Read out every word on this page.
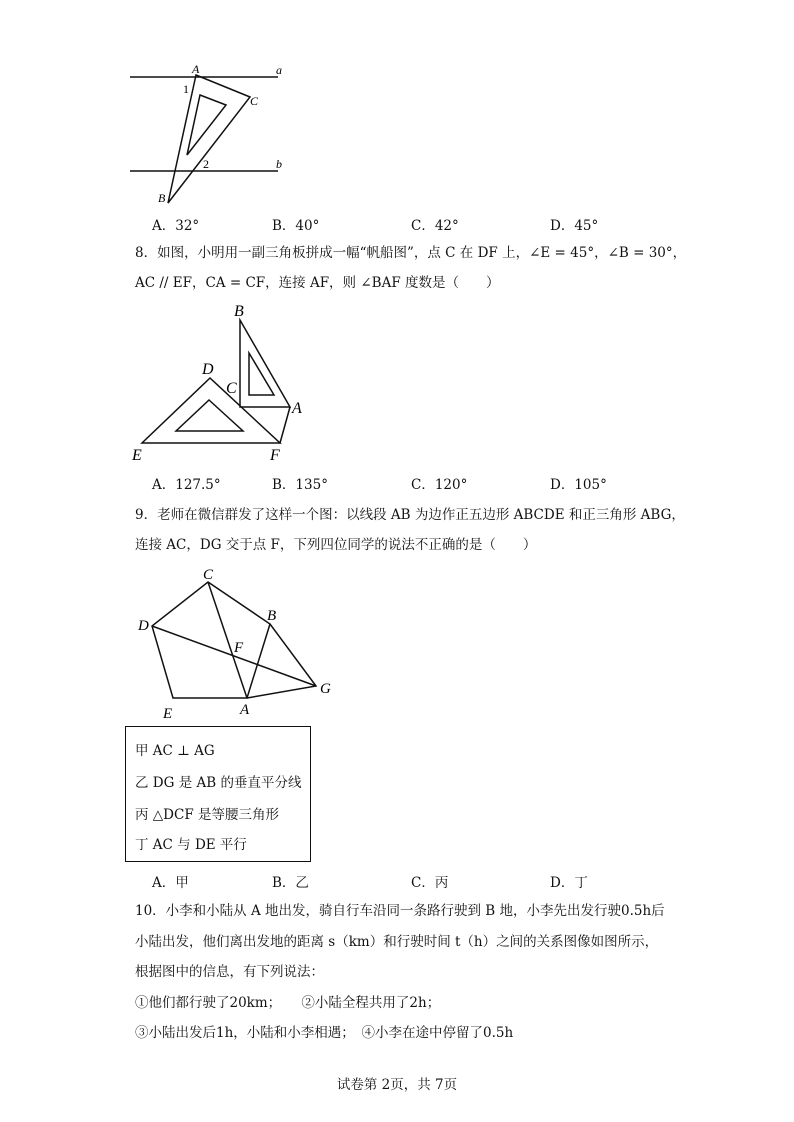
A	a
1
C
2	b
B
A．32°	B．40°	C．42°	D．45°
8．如图，小明用一副三角板拼成一幅“帆船图”，点 C 在 DF 上，∠E = 45°，∠B = 30°，
AC // EF，CA = CF，连接 AF，则 ∠BAF 度数是（　　）
B
D
C
A
E	F
A．127.5°	B．135°	C．120°	D．105°
9．老师在微信群发了这样一个图：以线段 AB 为边作正五边形 ABCDE 和正三角形 ABG，
连接 AC，DG 交于点 F，下列四位同学的说法不正确的是（　　）
C
D
B
F
G
E	A
甲 AC ⊥ AG
乙 DG 是 AB 的垂直平分线
丙 △DCF 是等腰三角形
丁 AC 与 DE 平行
A．甲	B．乙	C．丙	D．丁
10．小李和小陆从 A 地出发，骑自行车沿同一条路行驶到 B 地，小李先出发行驶0.5h后
小陆出发，他们离出发地的距离 s（km）和行驶时间 t（h）之间的关系图像如图所示，
根据图中的信息，有下列说法：
①他们都行驶了20km；　　②小陆全程共用了2h；
③小陆出发后1h，小陆和小李相遇；　④小李在途中停留了0.5h
试卷第 2页，共 7页
